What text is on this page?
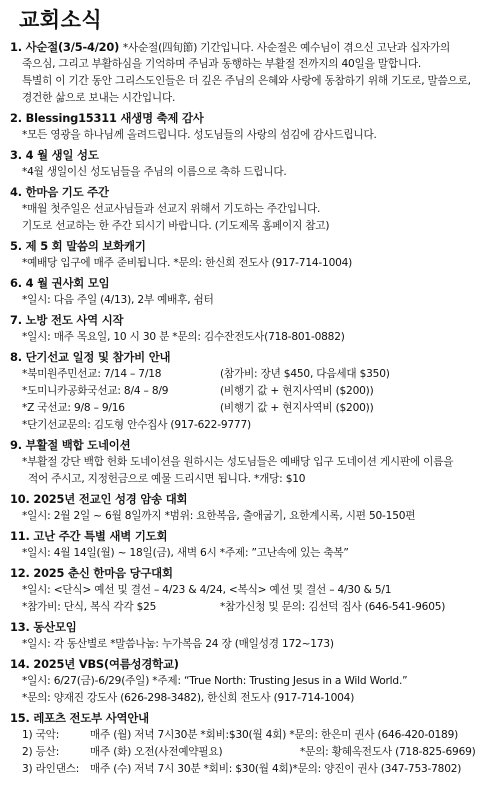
교회소식
1. 사순절(3/5-4/20) *사순절(四旬節) 기간입니다. 사순절은 예수님이 겪으신 고난과 십자가의
죽으심, 그리고 부활하심을 기억하며 주님과 동행하는 부활절 전까지의 40일을 말합니다.
특별히 이 기간 동안 그리스도인들은 더 깊은 주님의 은혜와 사랑에 동참하기 위해 기도로, 말씀으로,
경건한 삶으로 보내는 시간입니다.
2. Blessing15311 새생명 축제 감사
*모든 영광을 하나님께 올려드립니다. 성도님들의 사랑의 섬김에 감사드립니다.
3. 4 월 생일 성도
*4월 생일이신 성도님들을 주님의 이름으로 축하 드립니다.
4. 한마음 기도 주간
*매월 첫주일은 선교사님들과 선교지 위해서 기도하는 주간입니다.
기도로 선교하는 한 주간 되시기 바랍니다. (기도제목 홈페이지 참고)
5. 제 5 회 말씀의 보화캐기
*예배당 입구에 매주 준비됩니다. *문의: 한신희 전도사 (917-714-1004)
6. 4 월 권사회 모임
*일시: 다음 주일 (4/13), 2부 예배후, 쉼터
7. 노방 전도 사역 시작
*일시: 매주 목요일, 10 시 30 분 *문의: 김수잔전도사(718-801-0882)
8. 단기선교 일정 및 참가비 안내
*북미원주민선교: 7/14 – 7/18	(참가비: 장년 $450, 다음세대 $350)
*도미니카공화국선교: 8/4 – 8/9	(비행기 값 + 현지사역비 ($200))
*Z 국선교: 9/8 – 9/16	(비행기 값 + 현지사역비 ($200))
*단기선교문의: 김도형 안수집사 (917-622-9777)
9. 부활절 백합 도네이션
*부활절 강단 백합 헌화 도네이션을 원하시는 성도님들은 예배당 입구 도네이션 게시판에 이름을
적어 주시고, 지정헌금으로 예물 드리시면 됩니다. *개당: $10
10. 2025년 전교인 성경 암송 대회
*일시: 2월 2일 ~ 6월 8일까지 *범위: 요한복음, 출애굽기, 요한계시록, 시편 50-150편
11. 고난 주간 특별 새벽 기도회
*일시: 4월 14일(월) ~ 18일(금), 새벽 6시 *주제: ”고난속에 있는 축복”
12. 2025 춘신 한마음 당구대회
*일시: <단식> 예선 및 결선 – 4/23 & 4/24, <복식> 예선 및 결선 – 4/30 & 5/1
*참가비: 단식, 복식 각각 $25	*참가신청 및 문의: 김선덕 집사 (646-541-9605)
13. 동산모임
*일시: 각 동산별로 *말씀나눔: 누가복음 24 장 (매일성경 172~173)
14. 2025년 VBS(여름성경학교)
*일시: 6/27(금)-6/29(주일) *주제: “True North: Trusting Jesus in a Wild World.”
*문의: 양재진 강도사 (626-298-3482), 한신희 전도사 (917-714-1004)
15. 레포츠 전도부 사역안내
1) 국악:	매주 (월) 저녁 7시30분 *회비:$30(월 4회) *문의: 한은미 권사 (646-420-0189)
2) 등산:	매주 (화) 오전(사전예약필요)	*문의: 황혜옥전도사 (718-825-6969)
3) 라인댄스: 매주 (수) 저녁 7시 30분 *회비: $30(월 4회)*문의: 양진이 권사 (347-753-7802)
